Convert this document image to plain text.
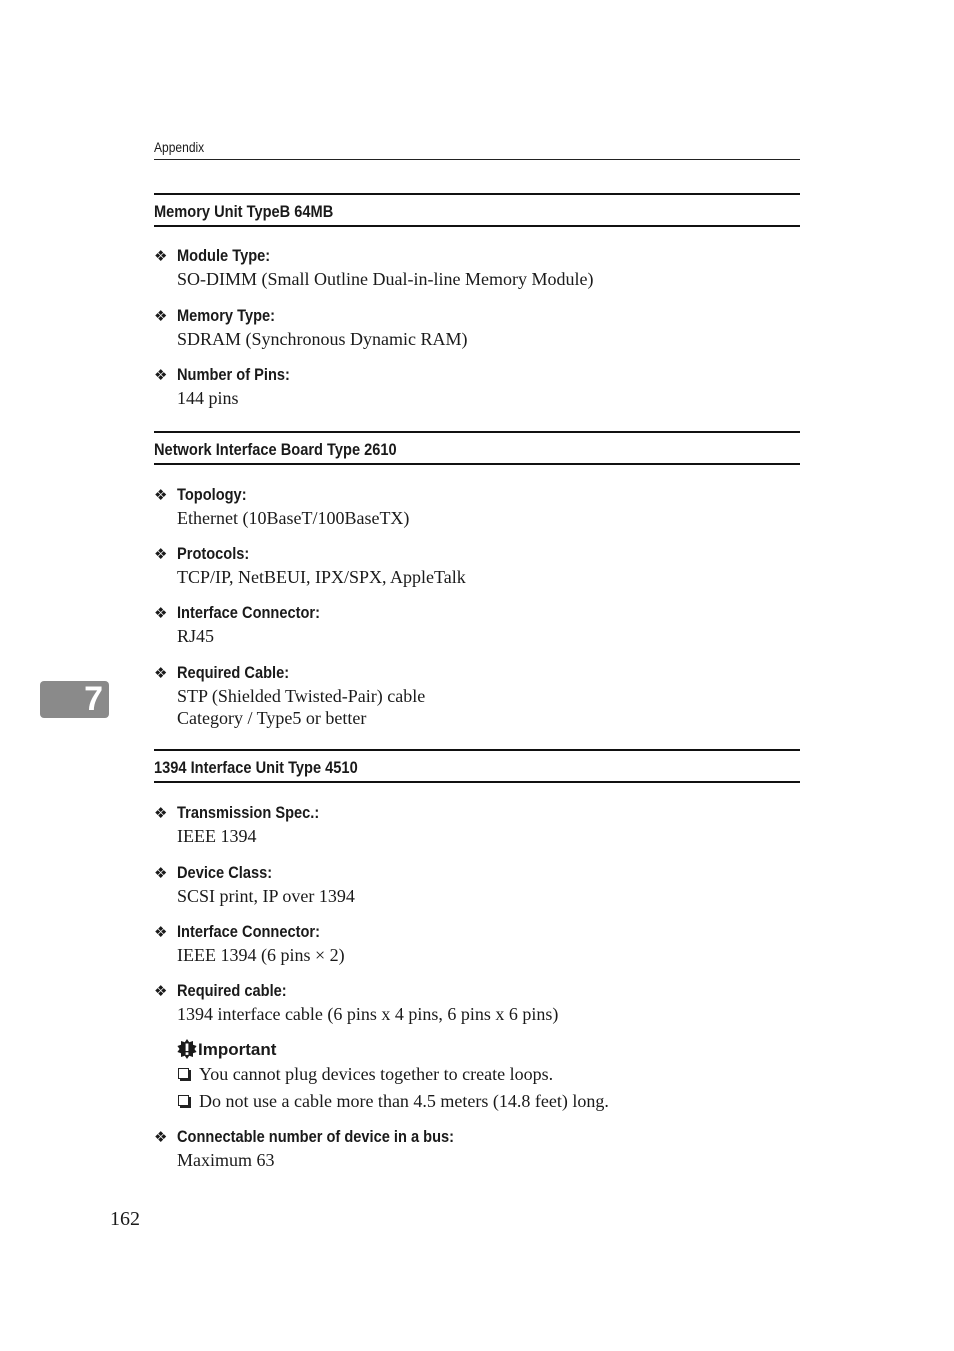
Appendix
Memory Unit TypeB 64MB
❖ Module Type:
SO-DIMM (Small Outline Dual-in-line Memory Module)
❖ Memory Type:
SDRAM (Synchronous Dynamic RAM)
❖ Number of Pins:
144 pins
Network Interface Board Type 2610
❖ Topology:
Ethernet (10BaseT/100BaseTX)
❖ Protocols:
TCP/IP, NetBEUI, IPX/SPX, AppleTalk
❖ Interface Connector:
RJ45
❖ Required Cable:
STP (Shielded Twisted-Pair) cable
Category / Type5 or better
1394 Interface Unit Type 4510
❖ Transmission Spec.:
IEEE 1394
❖ Device Class:
SCSI print, IP over 1394
❖ Interface Connector:
IEEE 1394 (6 pins × 2)
❖ Required cable:
1394 interface cable (6 pins x 4 pins, 6 pins x 6 pins)
Important
You cannot plug devices together to create loops.
Do not use a cable more than 4.5 meters (14.8 feet) long.
❖ Connectable number of device in a bus:
Maximum 63
7
162
